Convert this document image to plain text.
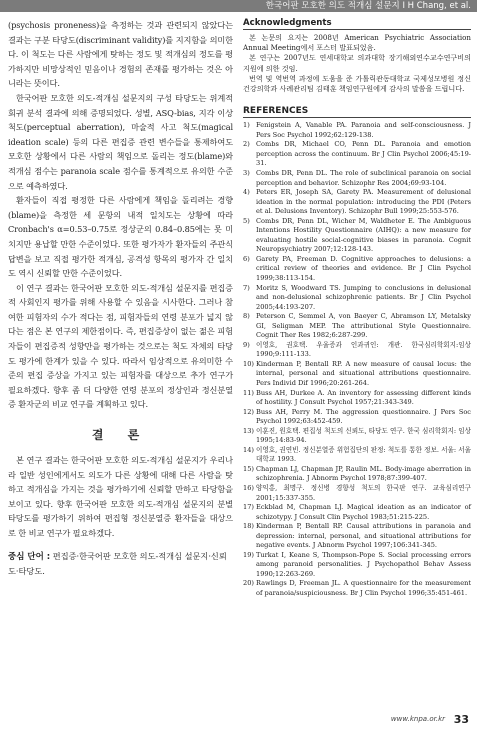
한국어판 모호한 의도 적개심 설문지 I H Chang, et al.

(psychosis proneness)을 측정하는 것과 관련되지 않았다는 결과는 구분 타당도(discriminant validity)를 지지함을 의미한다. 이 척도는 다른 사람에게 탓하는 정도 및 적개심의 정도를 평가하지만 비망상적인 믿음이나 경험의 존재를 평가하는 것은 아니라는 뜻이다.

한국어판 모호한 의도-적개심 설문지의 구성 타당도는 위계적 회귀 분석 결과에 의해 증명되었다. 성별, ASQ-bias, 지각 이상 척도(perceptual aberration), 마술적 사고 척도(magical ideation scale) 등의 다른 편집증 관련 변수들을 통제하여도 모호한 상황에서 다른 사람의 책임으로 돌리는 정도(blame)와 적개심 점수는 paranoia scale 점수를 통계적으로 유의한 수준으로 예측하였다.

환자들이 직접 평정한 다른 사람에게 책임을 돌리려는 경향(blame)을 측정한 세 문항의 내적 일치도는 상황에 따라 Cronbach's α=0.53–0.75로 정상군의 0.84–0.85에는 못 미치지만 용납할 만한 수준이었다. 또한 평가자가 환자들의 주관식 답변을 보고 직접 평가한 적개심, 공격성 항목의 평가자 간 일치도 역시 신뢰할 만한 수준이었다.

이 연구 결과는 한국어판 모호한 의도-적개심 설문지를 편집증적 사회인지 평가를 위해 사용할 수 있음을 시사한다. 그러나 참여한 피험자의 수가 적다는 점, 피험자들의 연령 분포가 넓지 않다는 점은 본 연구의 제한점이다. 즉, 편집증상이 없는 젊은 피험자들이 편집증적 성향만을 평가하는 것으로는 척도 자체의 타당도 평가에 한계가 있을 수 있다. 따라서 임상적으로 유의미한 수준의 편집 증상을 가지고 있는 피험자를 대상으로 추가 연구가 필요하겠다. 향후 좀 더 다양한 연령 분포의 정상인과 정신분열증 환자군의 비교 연구를 계획하고 있다.

결 론

본 연구 결과는 한국어판 모호한 의도-적개심 설문지가 우리나라 일반 성인에게서도 의도가 다른 상황에 대해 다른 사람을 탓하고 적개심을 가지는 것을 평가하기에 신뢰할 만하고 타당함을 보이고 있다. 향후 한국어판 모호한 의도-적개심 설문지의 분별 타당도를 평가하기 위하여 편집형 정신분열증 환자들을 대상으로 한 비교 연구가 필요하겠다.

중심 단어 : 편집증·한국어판 모호한 의도-적개심 설문지·신뢰도·타당도.

Acknowledgments

본 논문의 요지는 2008년 American Psychiatric Association Annual Meeting에서 포스터 발표되었음.

본 연구는 2007년도 연세대학교 의과대학 장기해외연수교수연구비의 지원에 의한 것임.

번역 및 역번역 과정에 도움을 준 가톨릭관동대학교 국제성모병원 정신건강의학과 사례관리팀 김태훈 책임연구원에게 감사의 말씀을 드립니다.

REFERENCES
1) Fenigstein A, Vanable PA. Paranoia and self-consciousness. J Pers Soc Psychol 1992;62:129-138.
2) Combs DR, Michael CO, Penn DL. Paranoia and emotion perception across the continuum. Br J Clin Psychol 2006;45:19-31.
3) Combs DR, Penn DL. The role of subclinical paranoia on social perception and behavior. Schizophr Res 2004;69:93-104.
4) Peters ER, Joseph SA, Garety PA. Measurement of delusional ideation in the normal population: introducing the PDI (Peters et al. Delusions Inventory). Schizophr Bull 1999;25:553-576.
5) Combs DR, Penn DL, Wicher M, Waldheter E. The Ambiguous Intentions Hostility Questionnaire (AIHQ): a new measure for evaluating hostile social-cognitive biases in paranoia. Cognit Neuropsychiatry 2007;12:128-143.
6) Garety PA, Freeman D. Cognitive approaches to delusions: a critical review of theories and evidence. Br J Clin Psychol 1999;38:113-154.
7) Moritz S, Woodward TS. Jumping to conclusions in delusional and non-delusional schizophrenic patients. Br J Clin Psychol 2005;44:193-207.
8) Peterson C, Semmel A, von Baeyer C, Abramson LY, Metalsky GI, Seligman MEP. The attributional Style Questionnaire. Cognit Ther Res 1982;6:287-299.
9) 이영호, 권호택. 우울증과 인과귀인: 개관. 한국심리학회지:임상 1990;9:111-133.
10) Kinderman P, Bentall RP. A new measure of causal locus: the internal, personal and situational attributions questionnaire. Pers Individ Dif 1996;20:261-264.
11) Buss AH, Durkee A. An inventory for assessing different kinds of hostility. J Consult Psychol 1957;21:343-349.
12) Buss AH, Perry M. The aggression questionnaire. J Pers Soc Psychol 1992;63:452-459.
13) 이훈진, 원호택. 편집성 척도의 신뢰도, 타당도 연구. 한국 심리학회지: 임상 1995;14:83-94.
14) 이영호, 권연빈. 정신분열증 위험집단의 판정: 척도를 통한 정보. 서울: 서울대학교 1993.
15) Chapman LJ, Chapman JP, Raulin ML. Body-image aberration in schizophrenia. J Abnorm Psychol 1978;87:399-407.
16) 양익홍, 최명구. 정신병 경향성 척도의 한국판 연구. 교육심리연구 2001;15:337-355.
17) Eckblad M, Chapman LJ. Magical ideation as an indicator of schizotypy. J Consult Clin Psychol 1983;51:215-225.
18) Kinderman P, Bentall RP. Causal attributions in paranoia and depression: internal, personal, and situational attributions for negative events. J Abnorm Psychol 1997;106:341-345.
19) Turkat I, Keane S, Thompson-Pope S. Social processing errors among paranoid personalities. J Psychopathol Behav Assess 1990;12:263-269.
20) Rawlings D, Freeman JL. A questionnaire for the measurement of paranoia/suspiciousness. Br J Clin Psychol 1996;35:451-461.
www.knpa.or.kr 33
